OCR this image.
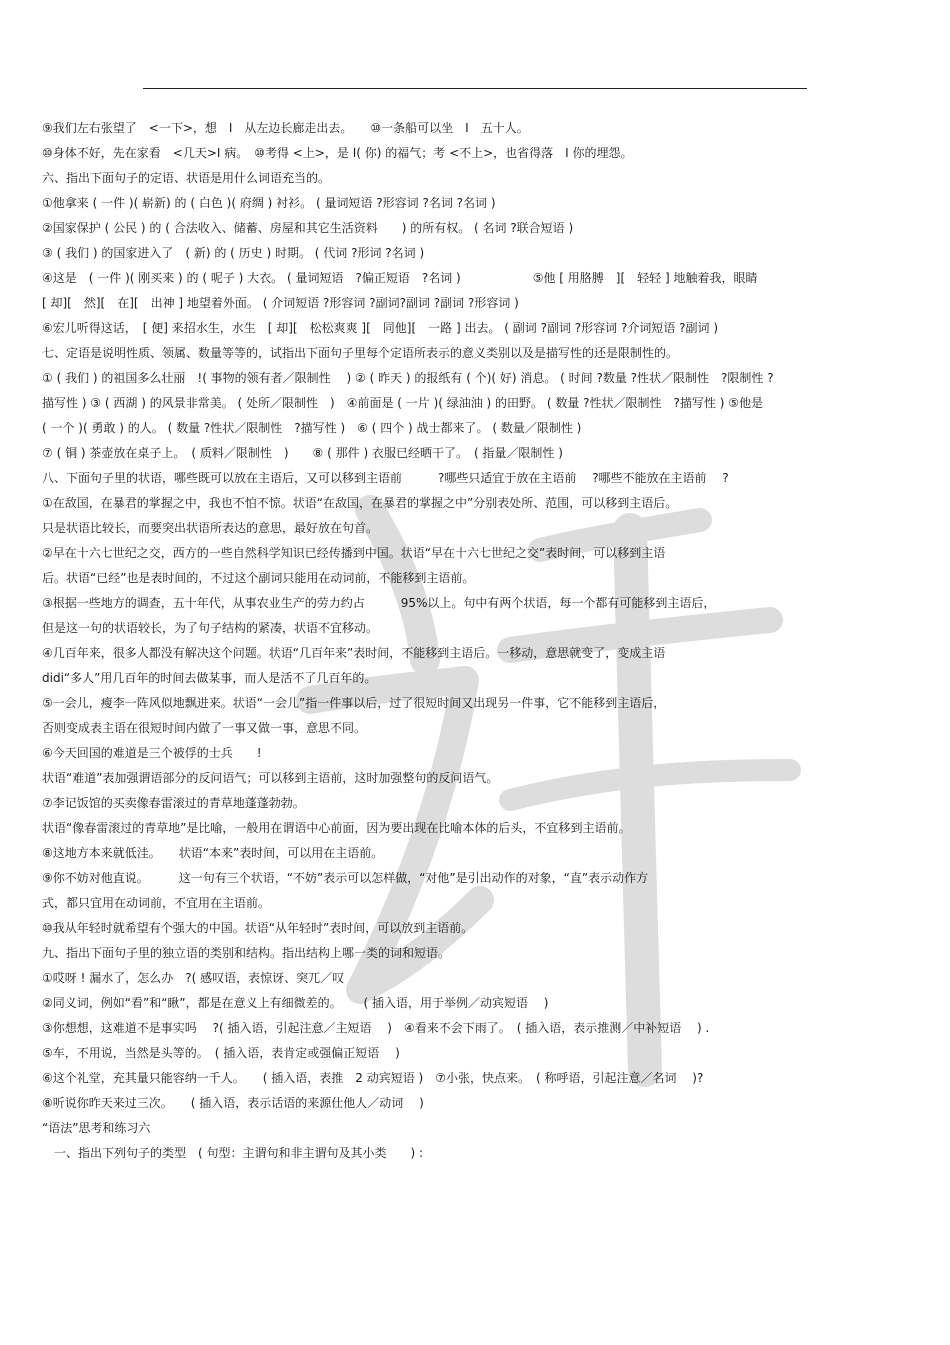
⑨我们左右张望了　<一下>，想　Ⅰ　从左边长廊走出去。　　⑩一条船可以坐　Ⅰ　五十人。
⑩身体不好，先在家看　<几天>Ⅰ 病。　⑩考得 <上>，是 Ⅰ( 你) 的福气；考 <不上>，也省得落　Ⅰ 你的埋怨。
六、指出下面句子的定语、状语是用什么词语充当的。
①他拿来 ( 一件 )( 崭新) 的 ( 白色 )( 府绸 ) 衬衫。 ( 量词短语 ?形容词 ?名词 ?名词 )
②国家保护 ( 公民 ) 的 ( 合法收入、储蓄、房屋和其它生活资料　　) 的所有权。 ( 名词 ?联合短语 )
③ ( 我们 ) 的国家进入了　( 新) 的 ( 历史 ) 时期。 ( 代词 ?形词 ?名词 )
④这是　( 一件 )( 刚买来 ) 的 ( 呢子 ) 大衣。 ( 量词短语　?偏正短语　?名词 )　　　　　　⑤他 [ 用胳膊　][　轻轻 ] 地触着我，眼睛
[ 却][　然][　在][　出神 ] 地望着外面。 ( 介词短语 ?形容词 ?副词?副词 ?副词 ?形容词 )
⑥宏儿听得这话，　[ 便] 来招水生，水生　[ 却][　松松爽爽 ][　同他][　一路 ] 出去。 ( 副词 ?副词 ?形容词 ?介词短语 ?副词 )
七、定语是说明性质、领属、数量等等的，试指出下面句子里每个定语所表示的意义类别以及是描写性的还是限制性的。
① ( 我们 ) 的祖国多么壮丽　!( 事物的领有者／限制性　 ) ② ( 昨天 ) 的报纸有 ( 个)( 好) 消息。 ( 时间 ?数量 ?性状／限制性　?限制性 ?
描写性 ) ③ ( 西湖 ) 的风景非常美。 ( 处所／限制性　)　④前面是 ( 一片 )( 绿油油 ) 的田野。 ( 数量 ?性状／限制性　?描写性 ) ⑤他是
( 一个 )( 勇敢 ) 的人。 ( 数量 ?性状／限制性　?描写性 )　⑥ ( 四个 ) 战士都来了。 ( 数量／限制性 )
⑦ ( 铜 ) 茶壶放在桌子上。　( 质料／限制性　)　　⑧ ( 那件 ) 衣服已经晒干了。　( 指量／限制性 )
八、下面句子里的状语，哪些既可以放在主语后，又可以移到主语前　　　?哪些只适宜于放在主语前　 ?哪些不能放在主语前　 ?
①在敌国，在暴君的掌握之中，我也不怕不惊。状语“在敌国，在暴君的掌握之中”分别表处所、范围，可以移到主语后。
只是状语比较长，而要突出状语所表达的意思，最好放在句首。
②早在十六七世纪之交，西方的一些自然科学知识已经传播到中国。状语“早在十六七世纪之交”表时间，可以移到主语
后。状语“已经”也是表时间的，不过这个副词只能用在动词前，不能移到主语前。
③根据一些地方的调查，五十年代，从事农业生产的劳力约占　　　95%以上。句中有两个状语，每一个都有可能移到主语后，
但是这一句的状语较长，为了句子结构的紧凑，状语不宜移动。
④几百年来，很多人都没有解决这个问题。状语“几百年来”表时间，不能移到主语后。一移动，意思就变了，变成主语
didi“多人”用几百年的时间去做某事，而人是活不了几百年的。
⑤一会儿，瘦李一阵风似地飘进来。状语“一会儿”指一件事以后，过了很短时间又出现另一件事，它不能移到主语后，
否则变成表主语在很短时间内做了一事又做一事，意思不同。
⑥今天回国的难道是三个被俘的士兵　　!
状语“难道”表加强谓语部分的反问语气；可以移到主语前，这时加强整句的反问语气。
⑦李记饭馆的买卖像春雷滚过的青草地蓬蓬勃勃。
状语“像春雷滚过的青草地”是比喻，一般用在谓语中心前面，因为要出现在比喻本体的后头，不宜移到主语前。
⑧这地方本来就低洼。　　状语“本来”表时间，可以用在主语前。
⑨你不妨对他直说。　　　这一句有三个状语，“不妨”表示可以怎样做，“对他”是引出动作的对象，“直”表示动作方
式，都只宜用在动词前，不宜用在主语前。
⑩我从年轻时就希望有个强大的中国。状语“从年轻时”表时间，可以放到主语前。
九、指出下面句子里的独立语的类别和结构。指出结构上哪一类的词和短语。
①哎呀 ! 漏水了，怎么办　?( 感叹语，表惊讶、突兀／叹
②同义词，例如“看”和“瞅”，都是在意义上有细微差的。　　 ( 插入语，用于举例／动宾短语　 )
③你想想，这难道不是事实吗　 ?( 插入语，引起注意／主短语　 )　④看来不会下雨了。　( 插入语，表示推测／中补短语　 ) .
⑤车，不用说，当然是头等的。　( 插入语，表肯定或强偏正短语　 )
⑥这个礼堂，充其量只能容纳一千人。　　( 插入语，表推　2 动宾短语 )　⑦小张，快点来。　( 称呼语，引起注意／名词　 )?
⑧听说你昨天来过三次。　　( 插入语，表示话语的来源仕他人／动词　 )
“语法”思考和练习六
　一、指出下列句子的类型　( 句型：主谓句和非主谓句及其小类　　) :
